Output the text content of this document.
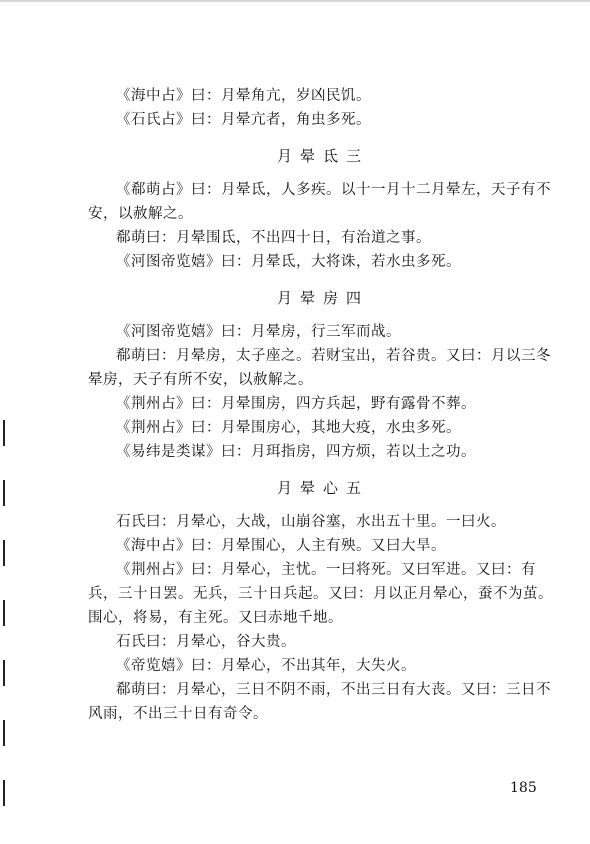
《海中占》曰：月晕角亢，岁凶民饥。

《石氏占》曰：月晕亢者，角虫多死。

月晕氐三

《郗萌占》曰：月晕氐，人多疾。以十一月十二月晕左，天子有不安，以赦解之。

郗萌曰：月晕围氐，不出四十日，有治道之事。

《河图帝览嬉》曰：月晕氐，大将诛，若水虫多死。

月晕房四

《河图帝览嬉》曰：月晕房，行三军而战。

郗萌曰：月晕房，太子座之。若财宝出，若谷贵。又曰：月以三冬晕房，天子有所不安，以赦解之。

《荆州占》曰：月晕围房，四方兵起，野有露骨不葬。

《荆州占》曰：月晕围房心，其地大疫，水虫多死。

《易纬是类谋》曰：月珥指房，四方烦，若以土之功。

月晕心五

石氏曰：月晕心，大战，山崩谷塞，水出五十里。一曰火。

《海中占》曰：月晕围心，人主有殃。又曰大旱。

《荆州占》曰：月晕心，主忧。一曰将死。又曰军进。又曰：有兵，三十日罢。无兵，三十日兵起。又曰：月以正月晕心，蚕不为茧。围心，将易，有主死。又曰赤地千地。

石氏曰：月晕心，谷大贵。

《帝览嬉》曰：月晕心，不出其年，大失火。

郗萌曰：月晕心，三日不阴不雨，不出三日有大丧。又曰：三日不风雨，不出三十日有奇令。

185
